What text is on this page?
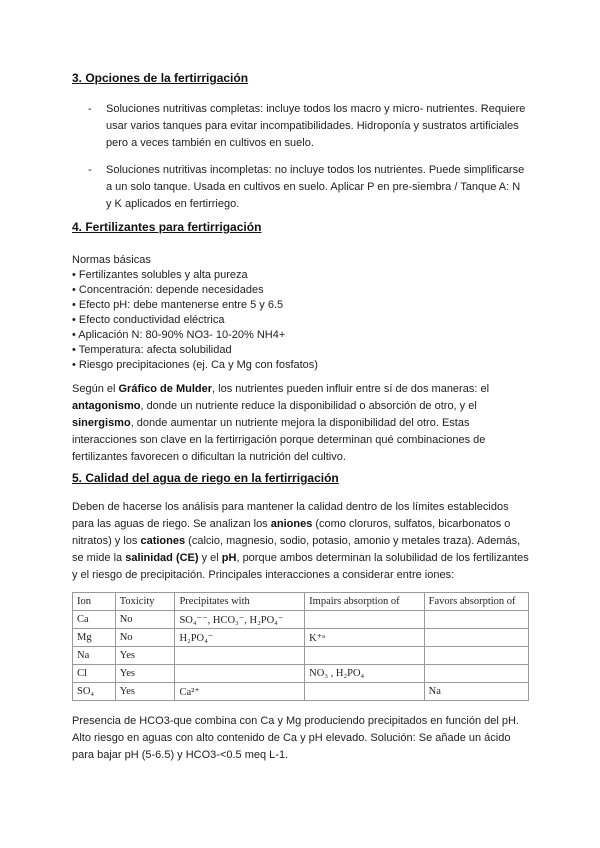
3. Opciones de la fertirrigación
- Soluciones nutritivas completas: incluye todos los macro y micro- nutrientes. Requiere usar varios tanques para evitar incompatibilidades. Hidroponía y sustratos artificiales pero a veces también en cultivos en suelo.
- Soluciones nutritivas incompletas: no incluye todos los nutrientes. Puede simplificarse a un solo tanque. Usada en cultivos en suelo. Aplicar P en pre-siembra / Tanque A: N y K aplicados en fertirriego.
4. Fertilizantes para fertirrigación
Normas básicas
• Fertilizantes solubles y alta pureza
• Concentración: depende necesidades
• Efecto pH: debe mantenerse entre 5 y 6.5
• Efecto conductividad eléctrica
• Aplicación N: 80-90% NO3- 10-20% NH4+
• Temperatura: afecta solubilidad
• Riesgo precipitaciones (ej. Ca y Mg con fosfatos)
Según el Gráfico de Mulder, los nutrientes pueden influir entre sí de dos maneras: el antagonismo, donde un nutriente reduce la disponibilidad o absorción de otro, y el sinergismo, donde aumentar un nutriente mejora la disponibilidad del otro. Estas interacciones son clave en la fertirrigación porque determinan qué combinaciones de fertilizantes favorecen o dificultan la nutrición del cultivo.
5. Calidad del agua de riego en la fertirrigación
Deben de hacerse los análisis para mantener la calidad dentro de los límites establecidos para las aguas de riego. Se analizan los aniones (como cloruros, sulfatos, bicarbonatos o nitratos) y los cationes (calcio, magnesio, sodio, potasio, amonio y metales traza). Además, se mide la salinidad (CE) y el pH, porque ambos determinan la solubilidad de los fertilizantes y el riesgo de precipitación. Principales interacciones a considerar entre iones:
Ion	Toxicity	Precipitates with	Impairs absorption of	Favors absorption of
Ca	No	SO₄⁻⁻, HCO₃⁻, H₂PO₄⁻		
Mg	No	H₂PO₄⁻	K⁺ᵃ	
Na	Yes			
Cl	Yes		NO₃ , H₂PO₄	
SO₄	Yes	Ca²⁺		Na
Presencia de HCO3-que combina con Ca y Mg produciendo precipitados en función del pH. Alto riesgo en aguas con alto contenido de Ca y pH elevado. Solución: Se añade un ácido para bajar pH (5-6.5) y HCO3-<0.5 meq L-1.
